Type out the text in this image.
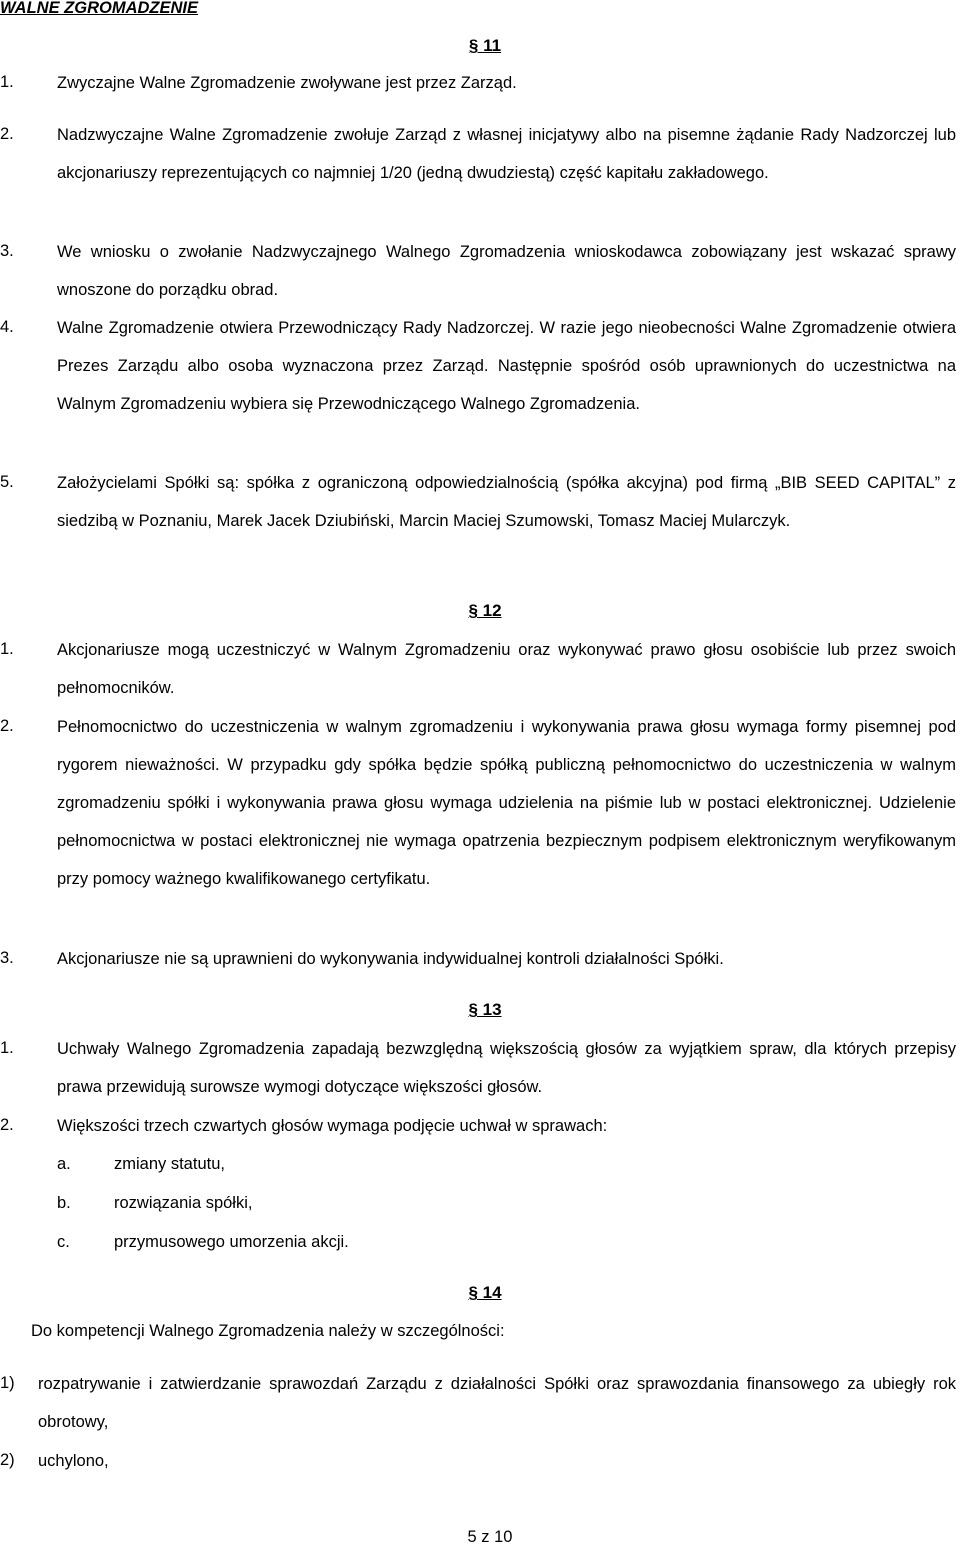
WALNE ZGROMADZENIE
§ 11
1.	Zwyczajne Walne Zgromadzenie zwoływane jest przez Zarząd.
2.	Nadzwyczajne Walne Zgromadzenie zwołuje Zarząd z własnej inicjatywy albo na pisemne żądanie Rady Nadzorczej lub akcjonariuszy reprezentujących co najmniej 1/20 (jedną dwudziestą) część kapitału zakładowego.
3.	We wniosku o zwołanie Nadzwyczajnego Walnego Zgromadzenia wnioskodawca zobowiązany jest wskazać sprawy wnoszone do porządku obrad.
4.	Walne Zgromadzenie otwiera Przewodniczący Rady Nadzorczej. W razie jego nieobecności Walne Zgromadzenie otwiera Prezes Zarządu albo osoba wyznaczona przez Zarząd. Następnie spośród osób uprawnionych do uczestnictwa na Walnym Zgromadzeniu wybiera się Przewodniczącego Walnego Zgromadzenia.
5.	Założycielami Spółki są: spółka z ograniczoną odpowiedzialnością (spółka akcyjna) pod firmą „BIB SEED CAPITAL” z siedzibą w Poznaniu, Marek Jacek Dziubiński, Marcin Maciej Szumowski, Tomasz Maciej Mularczyk.
§ 12
1.	Akcjonariusze mogą uczestniczyć w Walnym Zgromadzeniu oraz wykonywać prawo głosu osobiście lub przez swoich pełnomocników.
2.	Pełnomocnictwo do uczestniczenia w walnym zgromadzeniu i wykonywania prawa głosu wymaga formy pisemnej pod rygorem nieważności. W przypadku gdy spółka będzie spółką publiczną pełnomocnictwo do uczestniczenia w walnym zgromadzeniu spółki i wykonywania prawa głosu wymaga udzielenia na piśmie lub w postaci elektronicznej. Udzielenie pełnomocnictwa w postaci elektronicznej nie wymaga opatrzenia bezpiecznym podpisem elektronicznym weryfikowanym przy pomocy ważnego kwalifikowanego certyfikatu.
3.	Akcjonariusze nie są uprawnieni do wykonywania indywidualnej kontroli działalności Spółki.
§ 13
1.	Uchwały Walnego Zgromadzenia zapadają bezwzględną większością głosów za wyjątkiem spraw, dla których przepisy prawa przewidują surowsze wymogi dotyczące większości głosów.
2.	Większości trzech czwartych głosów wymaga podjęcie uchwał w sprawach:
a.	zmiany statutu,
b.	rozwiązania spółki,
c.	przymusowego umorzenia akcji.
§ 14
Do kompetencji Walnego Zgromadzenia należy w szczególności:
1) rozpatrywanie i zatwierdzanie sprawozdań Zarządu z działalności Spółki oraz sprawozdania finansowego za ubiegły rok obrotowy,
2) uchylono,
5 z 10
